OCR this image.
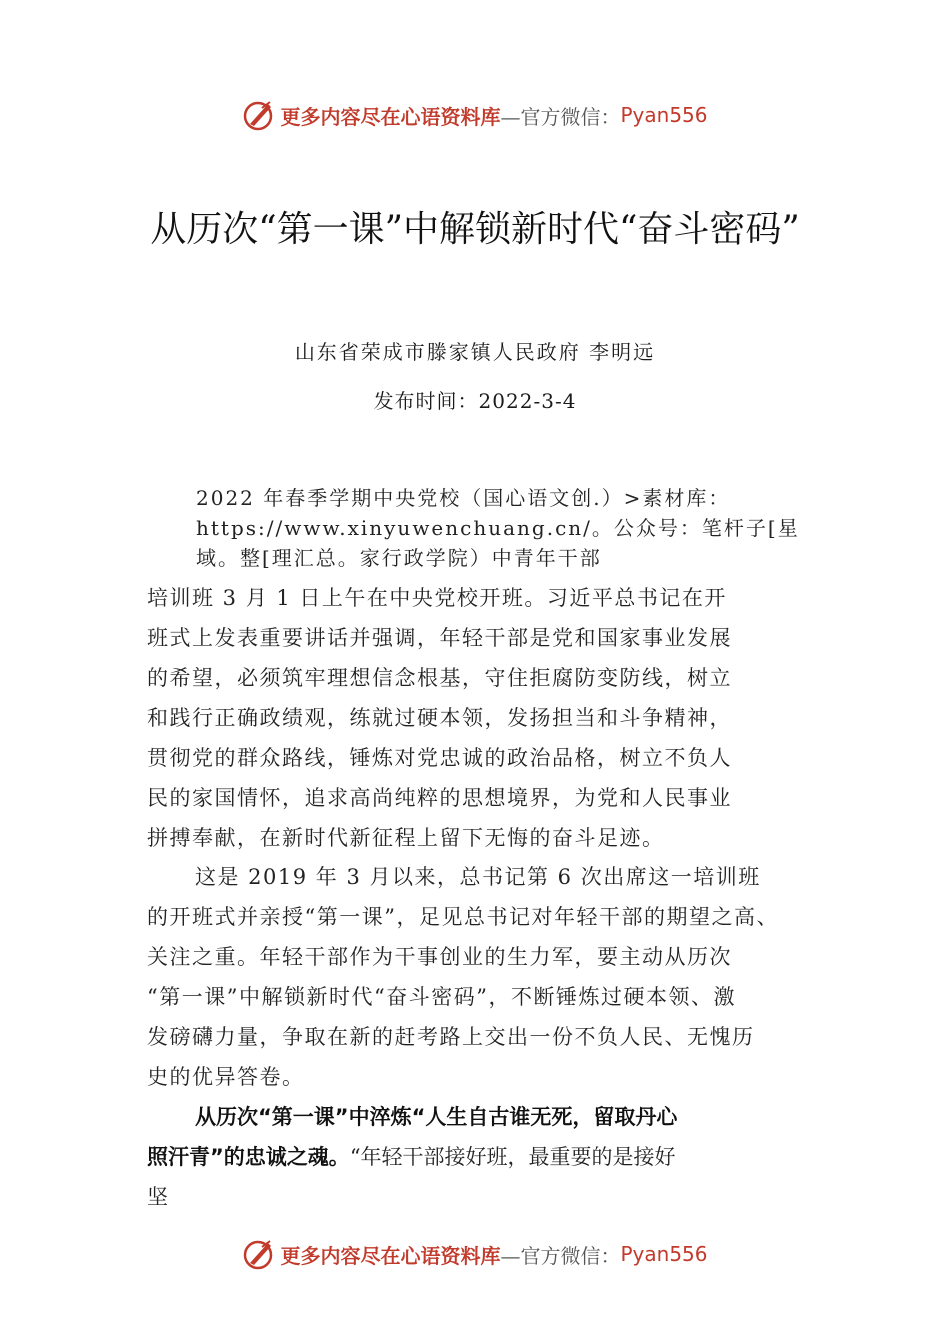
更多内容尽在心语资料库 —官方微信： Pyan556
从历次“第一课”中解锁新时代“奋斗密码”
山东省荣成市滕家镇人民政府 李明远
发布时间：2022-3-4
2022 年春季学期中央党校（国心语文创.）>素材库：
https://www.xinyuwenchuang.cn/。公众号：笔杆子[星
域。整[理汇总。家行政学院）中青年干部
培训班 3 月 1 日上午在中央党校开班。习近平总书记在开
班式上发表重要讲话并强调，年轻干部是党和国家事业发展
的希望，必须筑牢理想信念根基，守住拒腐防变防线，树立
和践行正确政绩观，练就过硬本领，发扬担当和斗争精神，
贯彻党的群众路线，锤炼对党忠诚的政治品格，树立不负人
民的家国情怀，追求高尚纯粹的思想境界，为党和人民事业
拼搏奉献，在新时代新征程上留下无悔的奋斗足迹。
这是 2019 年 3 月以来，总书记第 6 次出席这一培训班
的开班式并亲授“第一课”，足见总书记对年轻干部的期望之高、
关注之重。年轻干部作为干事创业的生力军，要主动从历次
“第一课”中解锁新时代“奋斗密码”，不断锤炼过硬本领、激
发磅礴力量，争取在新的赶考路上交出一份不负人民、无愧历
史的优异答卷。
从历次“第一课”中淬炼“人生自古谁无死，留取丹心
照汗青”的忠诚之魂。“年轻干部接好班，最重要的是接好
坚
更多内容尽在心语资料库 —官方微信： Pyan556
